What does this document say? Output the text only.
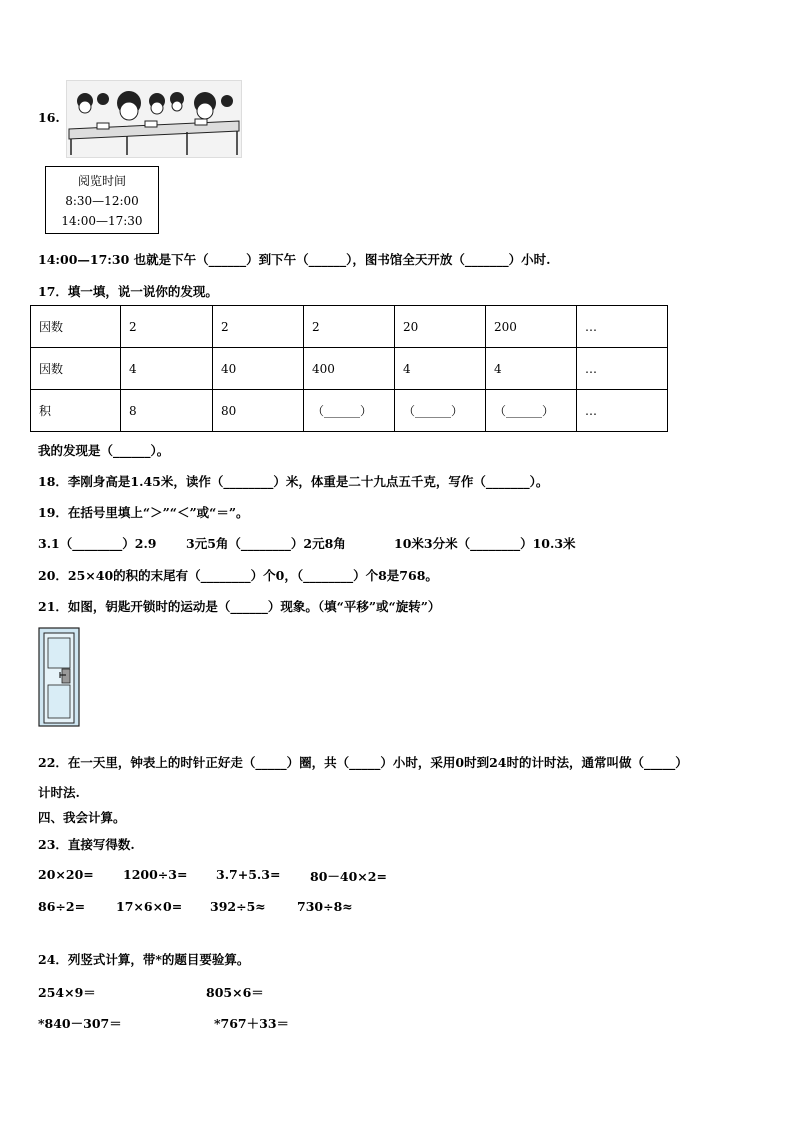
16.
阅览时间
8:30—12:00
14:00—17:30
14:00—17:30 也就是下午（______）到下午（______），图书馆全天开放（_______）小时.
17．填一填，说一说你的发现。
因数	2	2	2	20	200	…
因数	4	40	400	4	4	…
积	8	80	（______）	（______）	（______）	…
我的发现是（______）。
18．李刚身高是1.45米，读作（________）米，体重是二十九点五千克，写作（_______）。
19．在括号里填上“＞”“＜”或“＝”。
3.1（________）2.9 3元5角（________）2元8角	10米3分米（________）10.3米
20．25×40的积的末尾有（________）个0，（________）个8是768。
21．如图，钥匙开锁时的运动是（______）现象。（填“平移”或“旋转”）
22．在一天里，钟表上的时针正好走（_____）圈，共（_____）小时，采用0时到24时的计时法，通常叫做（_____）
计时法.
四、我会计算。
23．直接写得数.
20×20= 1200÷3= 3.7+5.3= 80－40×2=
86÷2= 17×6×0= 392÷5≈	730÷8≈
24．列竖式计算，带*的题目要验算。
254×9＝	805×6＝
*840－307＝	*767＋33＝
